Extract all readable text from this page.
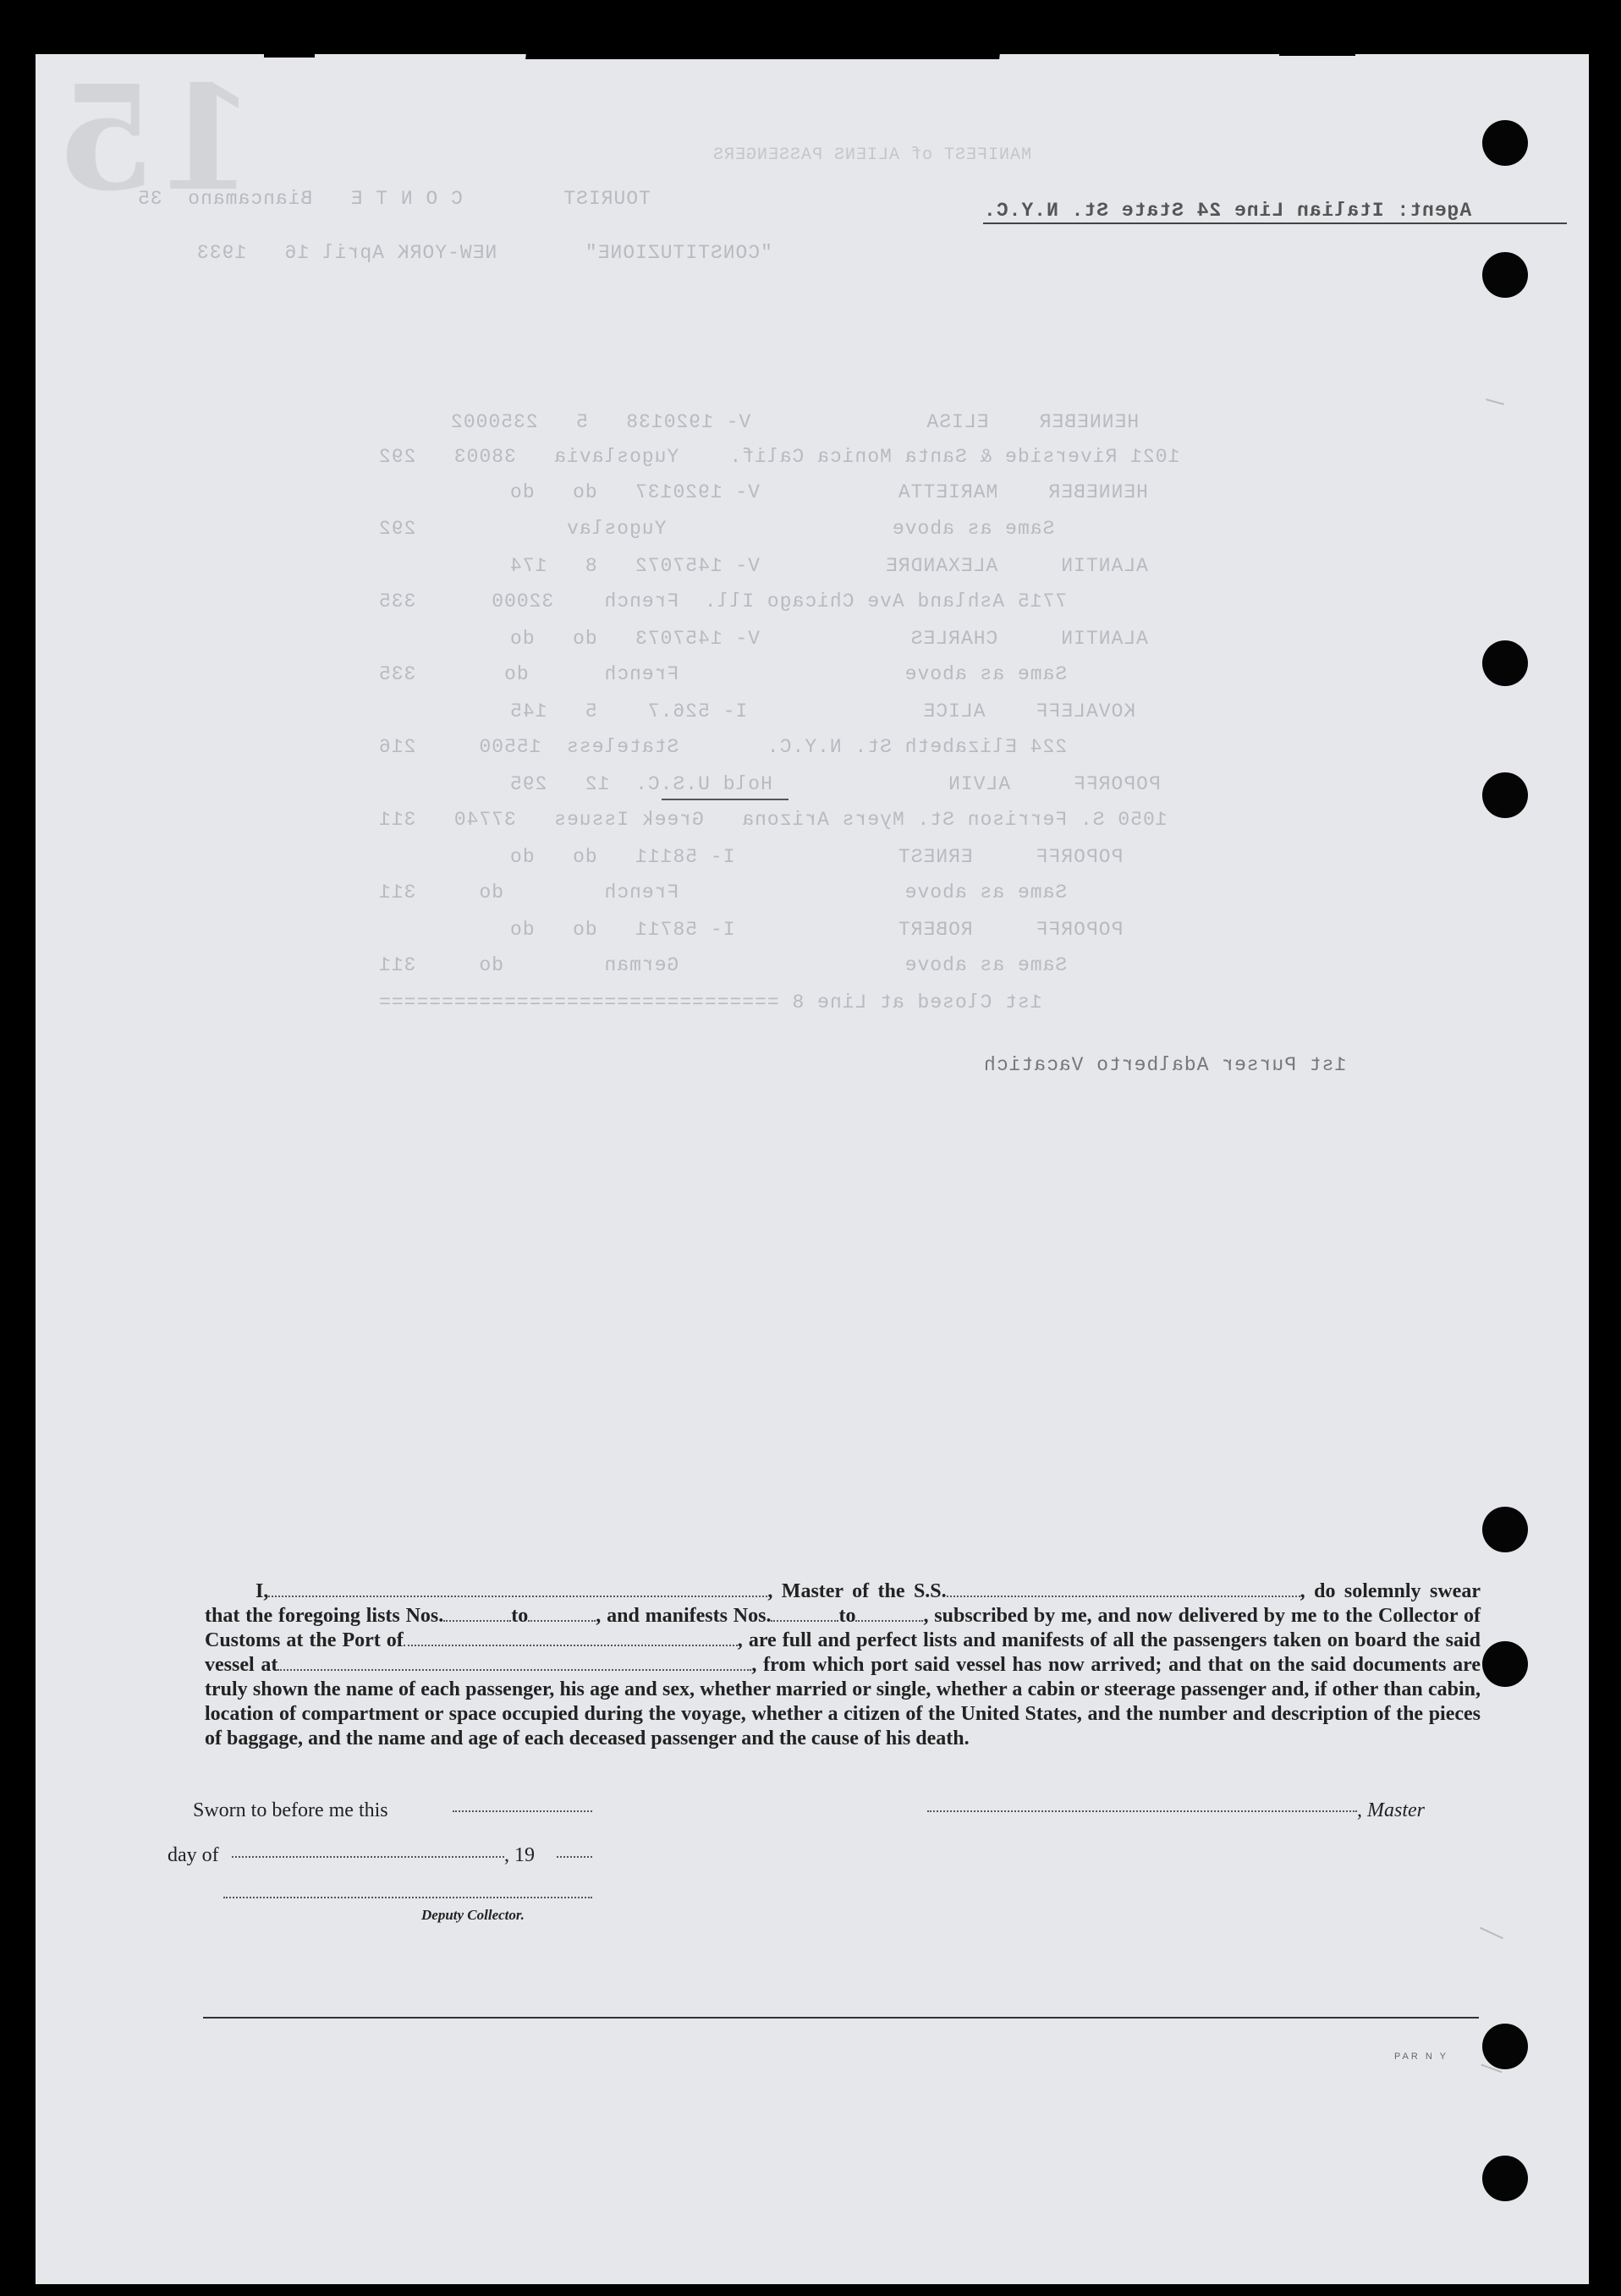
15	MANIFEST of ALIENS PASSENGERS
TOURIST        C O N T E   Biancamano  35
Agent: Italian Line 24 State St. N.Y.C.
"CONSTITUZIONE"       NEW-YORK April 16   1933
HENNEBER    ELISA              V- 1920138   5   2350002
1021 Riverside & Santa Monica Calif.    Yugoslavia   38003   292
HENNEBER    MARIETTA           V- 1920137   do   do
Same as above                  Yugoslav            292
ALANTIN     ALEXANDRE          V- 1457072   8   174
7715 Ashland Ave Chicago Ill.  French    32000      335
ALANTIN     CHARLES            V- 1457073   do   do
Same as above                  French      do       335
KOVALEFF    ALICE              I- 526.7    5   145
224 Elizabeth St. N.Y.C.       Stateless  15500     216
POPORFF     ALVIN              Hold U.S.C.  12   295
1050 S. Ferrison St. Myers Arizona   Greek Issues   37740   311
POPORFF     ERNEST             I- 58111   do   do
Same as above                  French        do     311
POPORFF     ROBERT             I- 58711   do   do
Same as above                  German        do     311
1st Closed at Line 8 ================================
1st Purser Adalberto Vacatich

I,	, Master of the S.S.	, do solemnly swear that the foregoing lists Nos.	to	, and manifests Nos.	to	, subscribed by me, and now delivered by me to the Collector of Customs at the Port of	, are full and perfect lists and manifests of all the passengers taken on board the said vessel at	, from which port said vessel has now arrived; and that on the said documents are truly shown the name of each passenger, his age and sex, whether married or single, whether a cabin or steerage passenger and, if other than cabin, location of compartment or space occupied during the voyage, whether a citizen of the United States, and the number and description of the pieces of baggage, and the name and age of each deceased passenger and the cause of his death.

Sworn to before me this	, Master
day of	, 19
Deputy Collector.
PAR N Y
